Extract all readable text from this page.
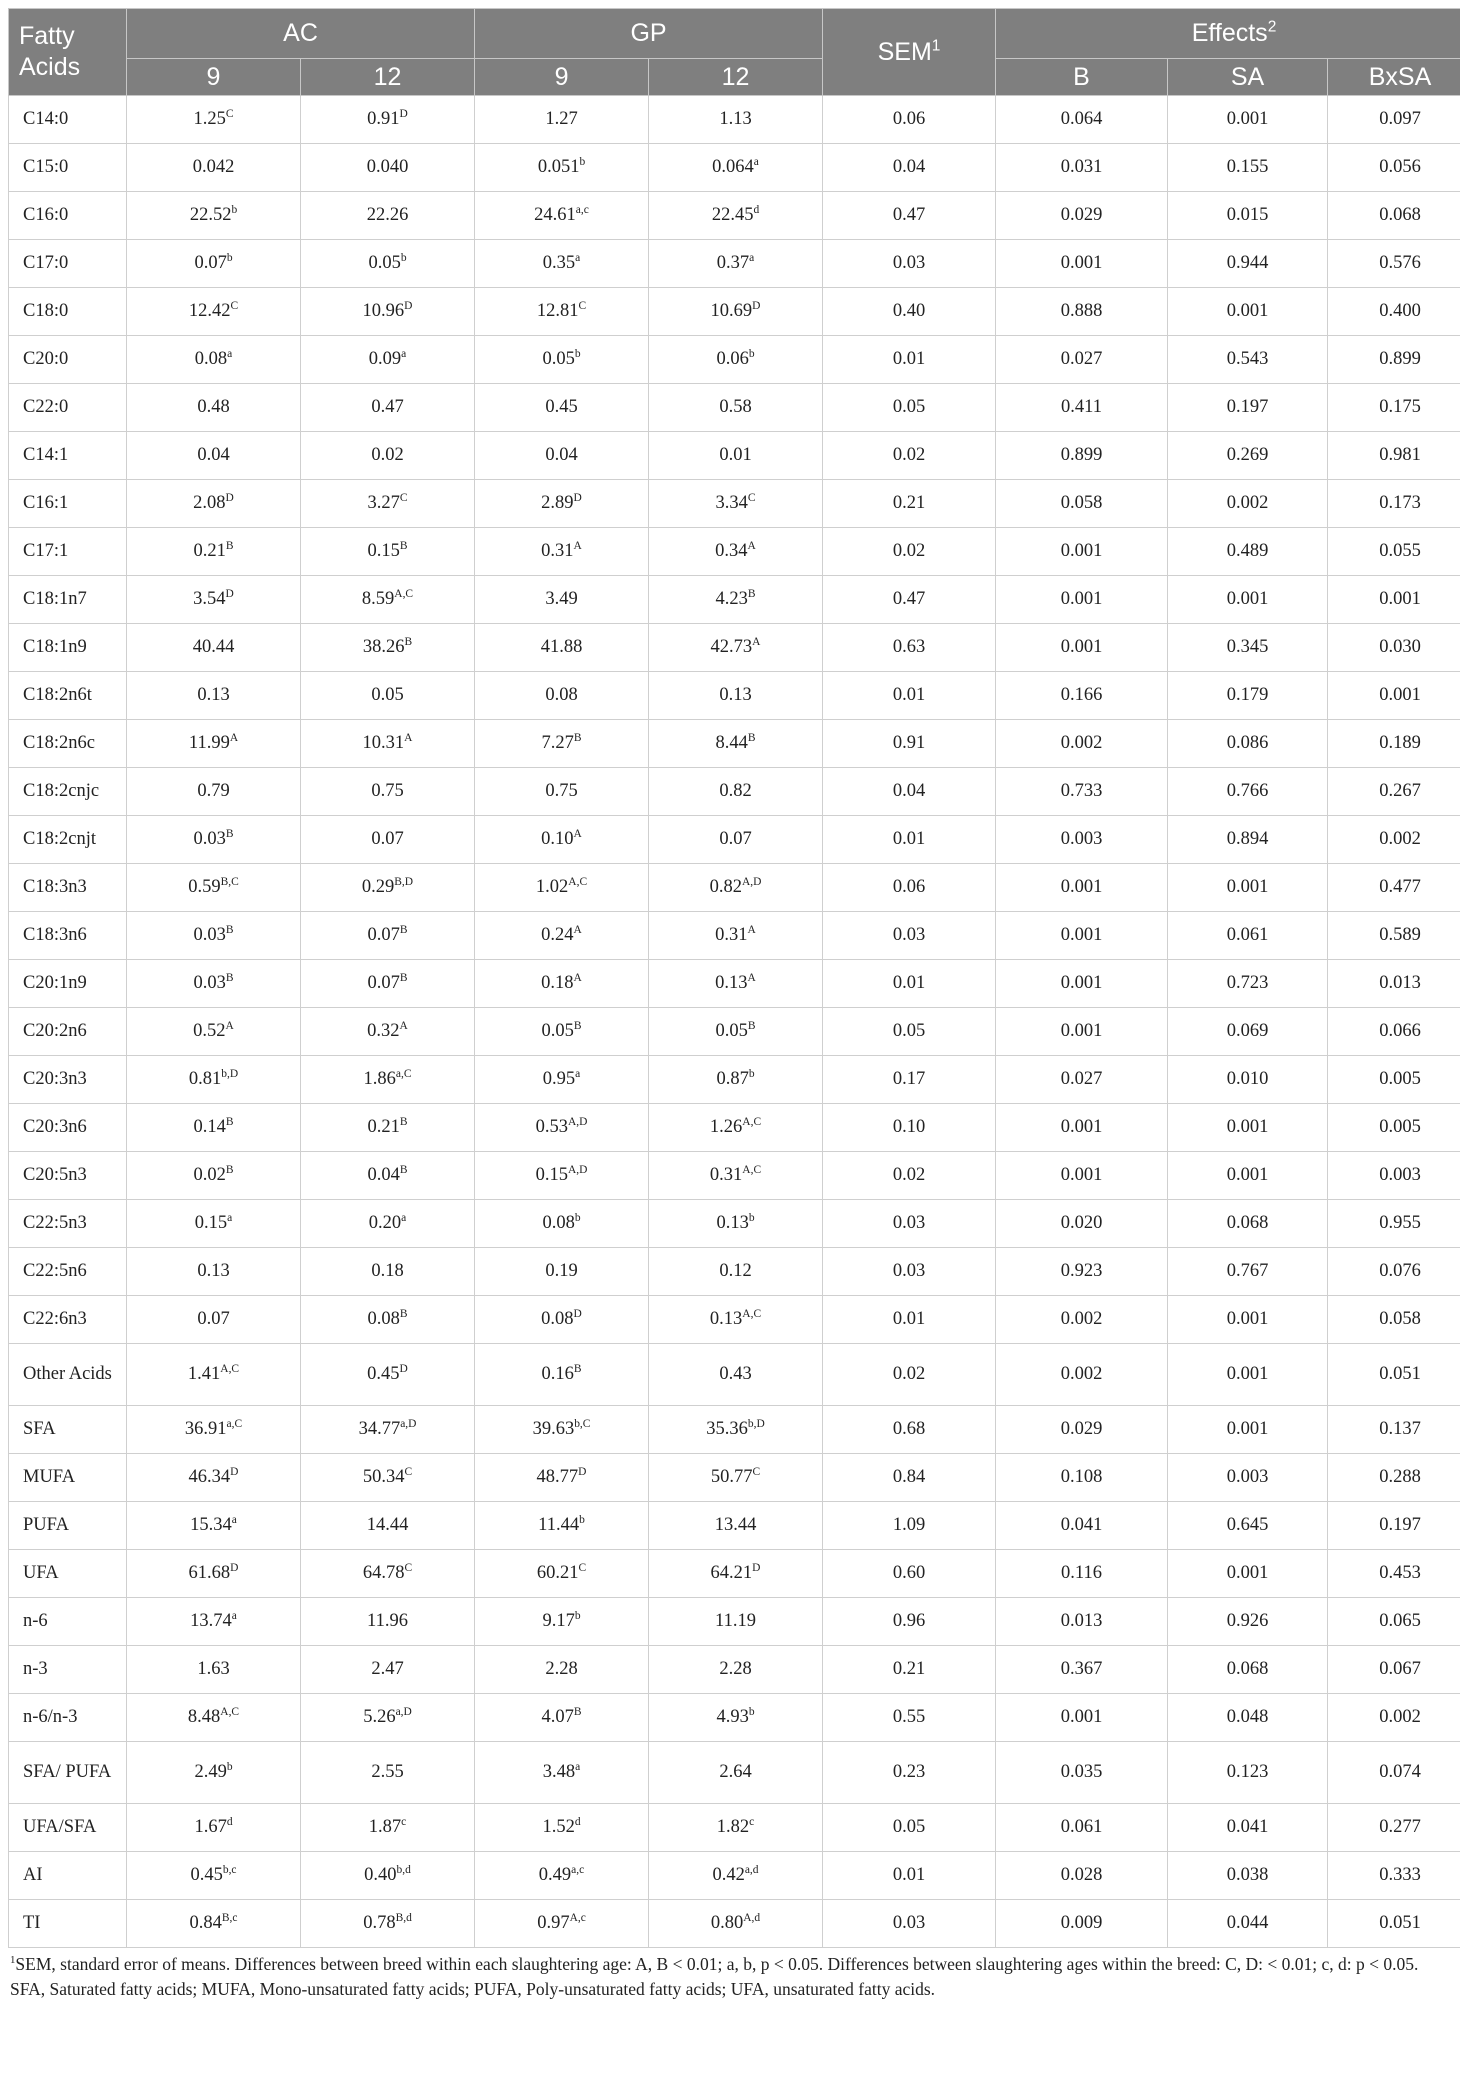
Fatty Acids	AC		GP		SEM$^1$	Effects$^2$
	9	12	9	12		B	SA	BxSA
C14:0	$1.25^C$	$0.91^D$	1.27	1.13	0.06	0.064	0.001	0.097
C15:0	0.042	0.040	0.051$^b$	0.064$^a$	0.04	0.031	0.155	0.056
C16:0	22.52$^b$	22.26	24.61$^{a,c}$	22.45$^d$	0.47	0.029	0.015	0.068
C17:0	0.07$^b$	0.05$^b$	0.35$^a$	0.37$^a$	0.03	0.001	0.944	0.576
C18:0	$12.42^C$	$10.96^D$	$12.81^C$	$10.69^D$	0.40	0.888	0.001	0.400
C20:0	0.08$^a$	0.09$^a$	0.05$^b$	0.06$^b$	0.01	0.027	0.543	0.899
C22:0	0.48	0.47	0.45	0.58	0.05	0.411	0.197	0.175
C14:1	0.04	0.02	0.04	0.01	0.02	0.899	0.269	0.981
C16:1	$2.08^D$	$3.27^C$	$2.89^D$	$3.34^C$	0.21	0.058	0.002	0.173
C17:1	$0.21^B$	$0.15^B$	$0.31^A$	$0.34^A$	0.02	0.001	0.489	0.055
C18:1n7	$3.54^D$	$8.59^{A,C}$	3.49	$4.23^B$	0.47	0.001	0.001	0.001
C18:1n9	40.44	$38.26^B$	41.88	$42.73^A$	0.63	0.001	0.345	0.030
C18:2n6t	0.13	0.05	0.08	0.13	0.01	0.166	0.179	0.001
C18:2n6c	$11.99^A$	$10.31^A$	$7.27^B$	$8.44^B$	0.91	0.002	0.086	0.189
C18:2cnjc	0.79	0.75	0.75	0.82	0.04	0.733	0.766	0.267
C18:2cnjt	$0.03^B$	0.07	$0.10^A$	0.07	0.01	0.003	0.894	0.002
C18:3n3	$0.59^{B,C}$	$0.29^{B,D}$	$1.02^{A,C}$	$0.82^{A,D}$	0.06	0.001	0.001	0.477
C18:3n6	$0.03^B$	$0.07^B$	$0.24^A$	$0.31^A$	0.03	0.001	0.061	0.589
C20:1n9	$0.03^B$	$0.07^B$	$0.18^A$	$0.13^A$	0.01	0.001	0.723	0.013
C20:2n6	$0.52^A$	$0.32^A$	$0.05^B$	$0.05^B$	0.05	0.001	0.069	0.066
C20:3n3	$0.81^{b,D}$	$1.86^{a,C}$	0.95$^a$	0.87$^b$	0.17	0.027	0.010	0.005
C20:3n6	$0.14^B$	$0.21^B$	$0.53^{A,D}$	$1.26^{A,C}$	0.10	0.001	0.001	0.005
C20:5n3	$0.02^B$	$0.04^B$	$0.15^{A,D}$	$0.31^{A,C}$	0.02	0.001	0.001	0.003
C22:5n3	0.15$^a$	0.20$^a$	0.08$^b$	0.13$^b$	0.03	0.020	0.068	0.955
C22:5n6	0.13	0.18	0.19	0.12	0.03	0.923	0.767	0.076
C22:6n3	0.07	$0.08^B$	$0.08^D$	$0.13^{A,C}$	0.01	0.002	0.001	0.058
Other Acids	$1.41^{A,C}$	$0.45^D$	$0.16^B$	0.43	0.02	0.002	0.001	0.051
SFA	$36.91^{a,C}$	$34.77^{a,D}$	$39.63^{b,C}$	$35.36^{b,D}$	0.68	0.029	0.001	0.137
MUFA	$46.34^D$	$50.34^C$	$48.77^D$	$50.77^C$	0.84	0.108	0.003	0.288
PUFA	15.34$^a$	14.44	11.44$^b$	13.44	1.09	0.041	0.645	0.197
UFA	$61.68^D$	$64.78^C$	$60.21^C$	$64.21^D$	0.60	0.116	0.001	0.453
n-6	13.74$^a$	11.96	9.17$^b$	11.19	0.96	0.013	0.926	0.065
n-3	1.63	2.47	2.28	2.28	0.21	0.367	0.068	0.067
n-6/n-3	$8.48^{A,C}$	$5.26^{a,D}$	$4.07^B$	4.93$^b$	0.55	0.001	0.048	0.002
SFA/ PUFA	2.49$^b$	2.55	3.48$^a$	2.64	0.23	0.035	0.123	0.074
UFA/SFA	1.67$^d$	1.87$^c$	1.52$^d$	1.82$^c$	0.05	0.061	0.041	0.277
AI	0.45$^{b,c}$	0.40$^{b,d}$	0.49$^{a,c}$	0.42$^{a,d}$	0.01	0.028	0.038	0.333
TI	$0.84^{B,c}$	$0.78^{B,d}$	$0.97^{A,c}$	$0.80^{A,d}$	0.03	0.009	0.044	0.051
$^1$SEM, standard error of means. Differences between breed within each slaughtering age: A, B < 0.01; a, b, p < 0.05. Differences between slaughtering ages within the breed: C, D: < 0.01; c, d: p < 0.05.
SFA, Saturated fatty acids; MUFA, Mono-unsaturated fatty acids; PUFA, Poly-unsaturated fatty acids; UFA, unsaturated fatty acids.
